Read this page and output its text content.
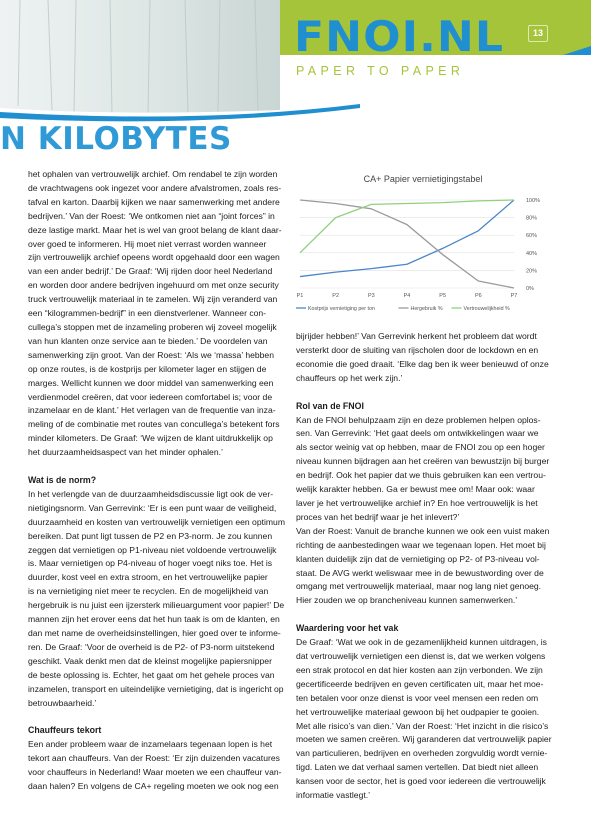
FNOI.NL
PAPER TO PAPER
13
N KILOBYTES
CA+ Papier vernietigingstabel
0%
20%
40%
60%
80%
100%
P1	P2	P3	P4	P5	P6	P7
Kostprijs vernietiging per ton	Hergebruik %	Vertrouwelijkheid %

het ophalen van vertrouwelijk archief. Om rendabel te zijn worden
de vrachtwagens ook ingezet voor andere afvalstromen, zoals res-
tafval en karton. Daarbij kijken we naar samenwerking met andere
bedrijven.’ Van der Roest: ‘We ontkomen niet aan “joint forces” in
deze lastige markt. Maar het is wel van groot belang de klant daar-
over goed te informeren. Hij moet niet verrast worden wanneer
zijn vertrouwelijk archief opeens wordt opgehaald door een wagen
van een ander bedrijf.’ De Graaf: ‘Wij rijden door heel Nederland
en worden door andere bedrijven ingehuurd om met onze security
truck vertrouwelijk materiaal in te zamelen. Wij zijn veranderd van
een “kilogrammen-bedrijf” in een dienstverlener. Wanneer con-
cullega’s stoppen met de inzameling proberen wij zoveel mogelijk
van hun klanten onze service aan te bieden.’ De voordelen van
samenwerking zijn groot. Van der Roest: ‘Als we ‘massa’ hebben
op onze routes, is de kostprijs per kilometer lager en stijgen de
marges. Wellicht kunnen we door middel van samenwerking een
verdienmodel creëren, dat voor iedereen comfortabel is; voor de
inzamelaar en de klant.’ Het verlagen van de frequentie van inza-
meling of de combinatie met routes van concullega’s betekent fors
minder kilometers. De Graaf: ‘We wijzen de klant uitdrukkelijk op
het duurzaamheidsaspect van het minder ophalen.’

Wat is de norm?

In het verlengde van de duurzaamheidsdiscussie ligt ook de ver-
nietigingsnorm. Van Gerrevink: ‘Er is een punt waar de veiligheid,
duurzaamheid en kosten van vertrouwelijk vernietigen een optimum
bereiken. Dat punt ligt tussen de P2 en P3-norm. Je zou kunnen
zeggen dat vernietigen op P1-niveau niet voldoende vertrouwelijk
is. Maar vernietigen op P4-niveau of hoger voegt niks toe. Het is
duurder, kost veel en extra stroom, en het vertrouwelijke papier
is na vernietiging niet meer te recyclen. En de mogelijkheid van
hergebruik is nu juist een ijzersterk milieuargument voor papier!’ De
mannen zijn het erover eens dat het hun taak is om de klanten, en
dan met name de overheidsinstellingen, hier goed over te informe-
ren. De Graaf: ‘Voor de overheid is de P2- of P3-norm uitstekend
geschikt. Vaak denkt men dat de kleinst mogelijke papiersnipper
de beste oplossing is. Echter, het gaat om het gehele proces van
inzamelen, transport en uiteindelijke vernietiging, dat is ingericht op
betrouwbaarheid.’

Chauffeurs tekort

Een ander probleem waar de inzamelaars tegenaan lopen is het
tekort aan chauffeurs. Van der Roest: ‘Er zijn duizenden vacatures
voor chauffeurs in Nederland! Waar moeten we een chauffeur van-
daan halen? En volgens de CA+ regeling moeten we ook nog een

bijrijder hebben!’ Van Gerrevink herkent het probleem dat wordt
versterkt door de sluiting van rijscholen door de lockdown en en
economie die goed draait. ‘Elke dag ben ik weer benieuwd of onze
chauffeurs op het werk zijn.’

Rol van de FNOI

Kan de FNOI behulpzaam zijn en deze problemen helpen oplos-
sen. Van Gerrevink: ‘Het gaat deels om ontwikkelingen waar we
als sector weinig vat op hebben, maar de FNOI zou op een hoger
niveau kunnen bijdragen aan het creëren van bewustzijn bij burger
en bedrijf. Ook het papier dat we thuis gebruiken kan een vertrou-
welijk karakter hebben. Ga er bewust mee om! Maar ook: waar
laver je het vertrouwelijke archief in? En hoe vertrouwelijk is het
proces van het bedrijf waar je het inlevert?’
Van der Roest: Vanuit de branche kunnen we ook een vuist maken
richting de aanbestedingen waar we tegenaan lopen. Het moet bij
klanten duidelijk zijn dat de vernietiging op P2- of P3-niveau vol-
staat. De AVG werkt weliswaar mee in de bewustwording over de
omgang met vertrouwelijk materiaal, maar nog lang niet genoeg.
Hier zouden we op brancheniveau kunnen samenwerken.’

Waardering voor het vak

De Graaf: ‘Wat we ook in de gezamenlijkheid kunnen uitdragen, is
dat vertrouwelijk vernietigen een dienst is, dat we werken volgens
een strak protocol en dat hier kosten aan zijn verbonden. We zijn
gecertificeerde bedrijven en geven certificaten uit, maar het moe-
ten betalen voor onze dienst is voor veel mensen een reden om
het vertrouwelijke materiaal gewoon bij het oudpapier te gooien.
Met alle risico’s van dien.’ Van der Roest: ‘Het inzicht in die risico’s
moeten we samen creëren. Wij garanderen dat vertrouwelijk papier
van particulieren, bedrijven en overheden zorgvuldig wordt vernie-
tigd. Laten we dat verhaal samen vertellen. Dat biedt niet alleen
kansen voor de sector, het is goed voor iedereen die vertrouwelijk
informatie vastlegt.’
